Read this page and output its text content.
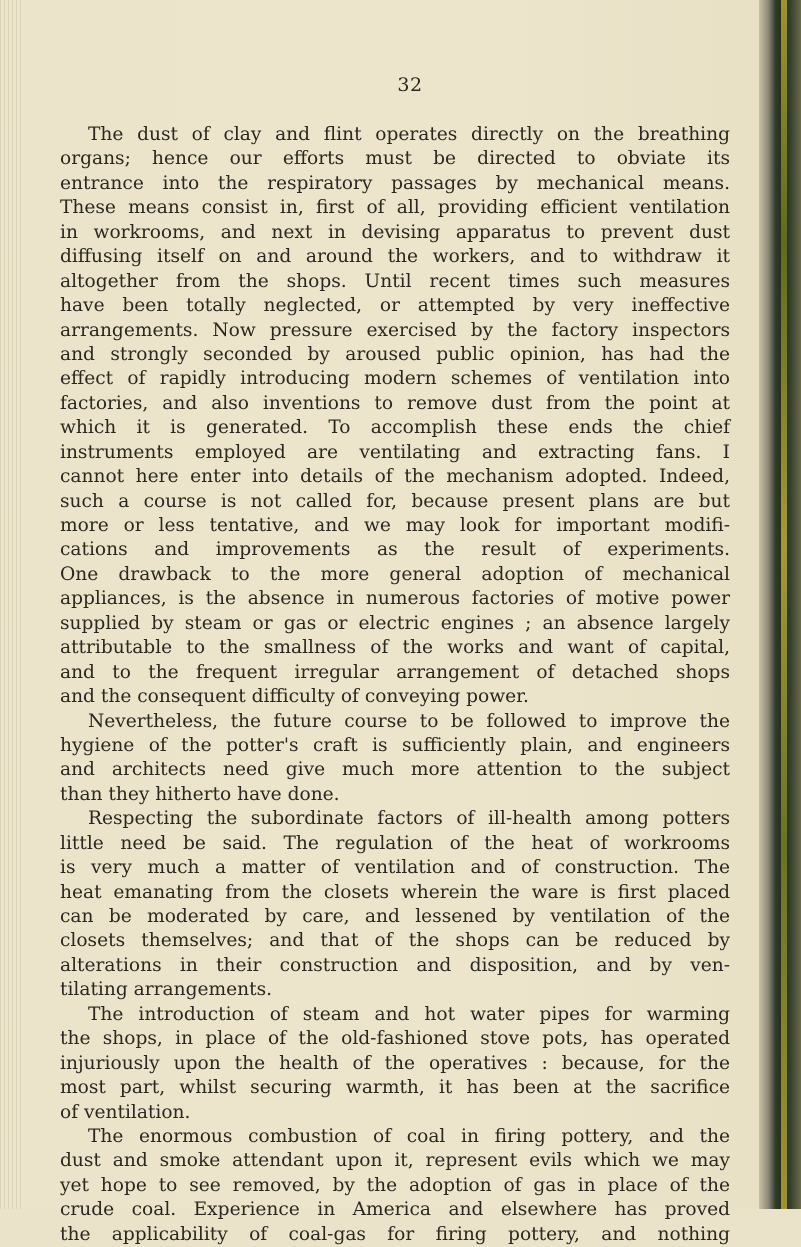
32
The dust of clay and flint operates directly on the breathing
organs; hence our efforts must be directed to obviate its
entrance into the respiratory passages by mechanical means.
These means consist in, first of all, providing efficient ventilation
in workrooms, and next in devising apparatus to prevent dust
diffusing itself on and around the workers, and to withdraw it
altogether from the shops. Until recent times such measures
have been totally neglected, or attempted by very ineffective
arrangements. Now pressure exercised by the factory inspectors
and strongly seconded by aroused public opinion, has had the
effect of rapidly introducing modern schemes of ventilation into
factories, and also inventions to remove dust from the point at
which it is generated. To accomplish these ends the chief
instruments employed are ventilating and extracting fans. I
cannot here enter into details of the mechanism adopted. Indeed,
such a course is not called for, because present plans are but
more or less tentative, and we may look for important modifi-
cations and improvements as the result of experiments.
One drawback to the more general adoption of mechanical
appliances, is the absence in numerous factories of motive power
supplied by steam or gas or electric engines ; an absence largely
attributable to the smallness of the works and want of capital,
and to the frequent irregular arrangement of detached shops
and the consequent difficulty of conveying power.
Nevertheless, the future course to be followed to improve the
hygiene of the potter's craft is sufficiently plain, and engineers
and architects need give much more attention to the subject
than they hitherto have done.
Respecting the subordinate factors of ill-health among potters
little need be said. The regulation of the heat of workrooms
is very much a matter of ventilation and of construction. The
heat emanating from the closets wherein the ware is first placed
can be moderated by care, and lessened by ventilation of the
closets themselves; and that of the shops can be reduced by
alterations in their construction and disposition, and by ven-
tilating arrangements.
The introduction of steam and hot water pipes for warming
the shops, in place of the old-fashioned stove pots, has operated
injuriously upon the health of the operatives : because, for the
most part, whilst securing warmth, it has been at the sacrifice
of ventilation.
The enormous combustion of coal in firing pottery, and the
dust and smoke attendant upon it, represent evils which we may
yet hope to see removed, by the adoption of gas in place of the
crude coal. Experience in America and elsewhere has proved
the applicability of coal-gas for firing pottery, and nothing
